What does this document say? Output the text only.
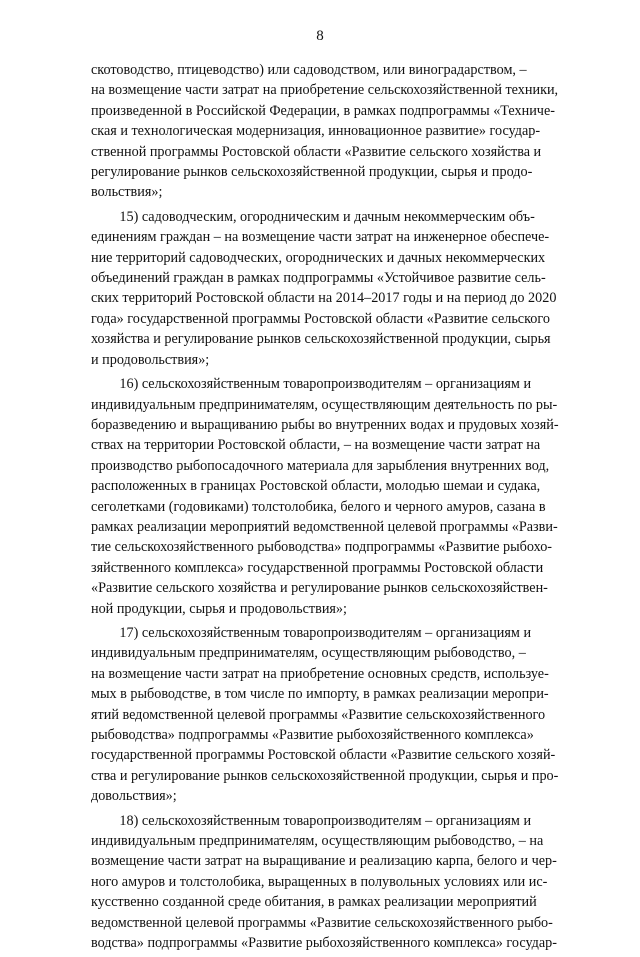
8

скотоводство, птицеводство) или садоводством, или виноградарством, –
на возмещение части затрат на приобретение сельскохозяйственной техники,
произведенной в Российской Федерации, в рамках подпрограммы «Техниче-
ская и технологическая модернизация, инновационное развитие» государ-
ственной программы Ростовской области «Развитие сельского хозяйства и
регулирование рынков сельскохозяйственной продукции, сырья и продо-
вольствия»;

15) садоводческим, огородническим и дачным некоммерческим объ-
единениям граждан – на возмещение части затрат на инженерное обеспече-
ние территорий садоводческих, огороднических и дачных некоммерческих
объединений граждан в рамках подпрограммы «Устойчивое развитие сель-
ских территорий Ростовской области на 2014–2017 годы и на период до 2020
года» государственной программы Ростовской области «Развитие сельского
хозяйства и регулирование рынков сельскохозяйственной продукции, сырья
и продовольствия»;

16) сельскохозяйственным товаропроизводителям – организациям и
индивидуальным предпринимателям, осуществляющим деятельность по ры-
боразведению и выращиванию рыбы во внутренних водах и прудовых хозяй-
ствах на территории Ростовской области, – на возмещение части затрат на
производство рыбопосадочного материала для зарыбления внутренних вод,
расположенных в границах Ростовской области, молодью шемаи и судака,
сеголетками (годовиками) толстолобика, белого и черного амуров, сазана в
рамках реализации мероприятий ведомственной целевой программы «Разви-
тие сельскохозяйственного рыбоводства» подпрограммы «Развитие рыбохо-
зяйственного комплекса» государственной программы Ростовской области
«Развитие сельского хозяйства и регулирование рынков сельскохозяйствен-
ной продукции, сырья и продовольствия»;

17) сельскохозяйственным товаропроизводителям – организациям и
индивидуальным предпринимателям, осуществляющим рыбоводство, –
на возмещение части затрат на приобретение основных средств, используе-
мых в рыбоводстве, в том числе по импорту, в рамках реализации меропри-
ятий ведомственной целевой программы «Развитие сельскохозяйственного
рыбоводства» подпрограммы «Развитие рыбохозяйственного комплекса»
государственной программы Ростовской области «Развитие сельского хозяй-
ства и регулирование рынков сельскохозяйственной продукции, сырья и про-
довольствия»;

18) сельскохозяйственным товаропроизводителям – организациям и
индивидуальным предпринимателям, осуществляющим рыбоводство, – на
возмещение части затрат на выращивание и реализацию карпа, белого и чер-
ного амуров и толстолобика, выращенных в полувольных условиях или ис-
кусственно созданной среде обитания, в рамках реализации мероприятий
ведомственной целевой программы «Развитие сельскохозяйственного рыбо-
водства» подпрограммы «Развитие рыбохозяйственного комплекса» государ-
